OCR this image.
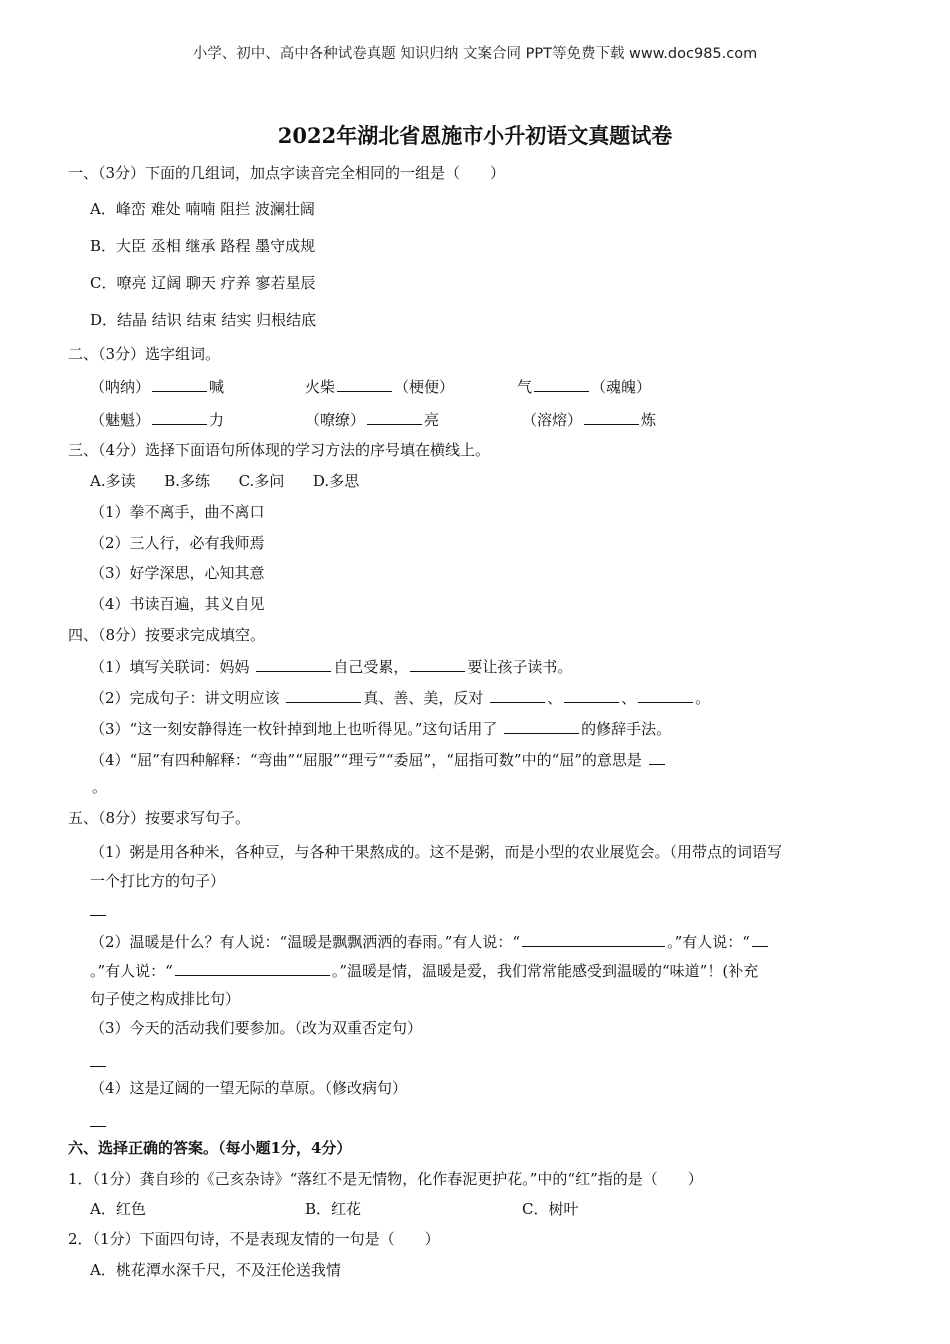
小学、初中、高中各种试卷真题 知识归纳 文案合同 PPT等免费下载 www.doc985.com
2022年湖北省恩施市小升初语文真题试卷
一、（3分）下面的几组词，加点字读音完全相同的一组是（　　）
A．峰峦 难处 喃喃 阻拦 波澜壮阔
B．大臣 丞相 继承 路程 墨守成规
C．嘹亮 辽阔 聊天 疗养 寥若星辰
D．结晶 结识 结束 结实 归根结底
二、（3分）选字组词。
（呐纳）	喊	火柴	（梗便）	气	（魂魄）
（魅魁）	力	（嘹缭）	亮	（溶熔）	炼
三、（4分）选择下面语句所体现的学习方法的序号填在横线上。
A.多读      B.多练      C.多问      D.多思
（1）拳不离手，曲不离口
（2）三人行，必有我师焉
（3）好学深思，心知其意
（4）书读百遍，其义自见
四、（8分）按要求完成填空。
（1）填写关联词：妈妈	自己受累，	要让孩子读书。
（2）完成句子：讲文明应该	真、善、美，反对	、	、	。
（3）“这一刻安静得连一枚针掉到地上也听得见。”这句话用了	的修辞手法。
（4）“屈”有四种解释：“弯曲”“屈服”“理亏”“委屈”，“屈指可数”中的“屈”的意思是
。
五、（8分）按要求写句子。
（1）粥是用各种米，各种豆，与各种干果熬成的。这不是粥，而是小型的农业展览会。（用带点的词语写
一个打比方的句子）
（2）温暖是什么？有人说：“温暖是飘飘洒洒的春雨。”有人说：“	。”有人说：“
。”有人说：“	。”温暖是情，温暖是爱，我们常常能感受到温暖的“味道”！(补充
句子使之构成排比句）
（3）今天的活动我们要参加。（改为双重否定句）
（4）这是辽阔的一望无际的草原。（修改病句）
六、选择正确的答案。（每小题1分，4分）
1．（1分）龚自珍的《己亥杂诗》“落红不是无情物，化作春泥更护花。”中的“红”指的是（　　）
A．红色	B．红花	C．树叶
2．（1分）下面四句诗，不是表现友情的一句是（　　）
A．桃花潭水深千尺，不及汪伦送我情
